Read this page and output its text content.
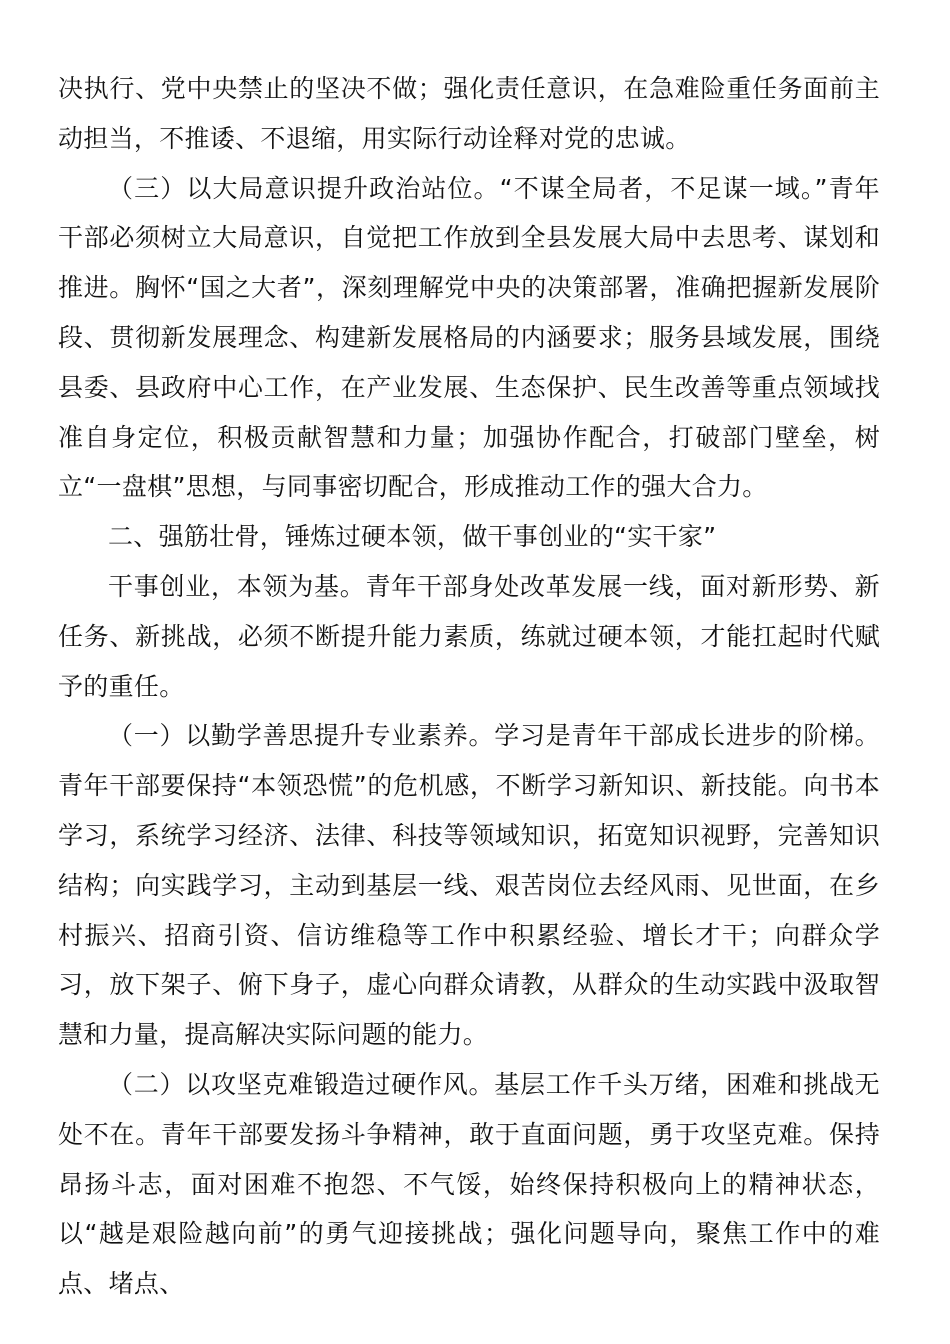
决执行、党中央禁止的坚决不做；强化责任意识，在急难险重任务面前主动担当，不推诿、不退缩，用实际行动诠释对党的忠诚。

（三）以大局意识提升政治站位。“不谋全局者，不足谋一域。”青年干部必须树立大局意识，自觉把工作放到全县发展大局中去思考、谋划和推进。胸怀“国之大者”，深刻理解党中央的决策部署，准确把握新发展阶段、贯彻新发展理念、构建新发展格局的内涵要求；服务县域发展，围绕县委、县政府中心工作，在产业发展、生态保护、民生改善等重点领域找准自身定位，积极贡献智慧和力量；加强协作配合，打破部门壁垒，树立“一盘棋”思想，与同事密切配合，形成推动工作的强大合力。

二、强筋壮骨，锤炼过硬本领，做干事创业的“实干家”

干事创业，本领为基。青年干部身处改革发展一线，面对新形势、新任务、新挑战，必须不断提升能力素质，练就过硬本领，才能扛起时代赋予的重任。

（一）以勤学善思提升专业素养。学习是青年干部成长进步的阶梯。青年干部要保持“本领恐慌”的危机感，不断学习新知识、新技能。向书本学习，系统学习经济、法律、科技等领域知识，拓宽知识视野，完善知识结构；向实践学习，主动到基层一线、艰苦岗位去经风雨、见世面，在乡村振兴、招商引资、信访维稳等工作中积累经验、增长才干；向群众学习，放下架子、俯下身子，虚心向群众请教，从群众的生动实践中汲取智慧和力量，提高解决实际问题的能力。

（二）以攻坚克难锻造过硬作风。基层工作千头万绪，困难和挑战无处不在。青年干部要发扬斗争精神，敢于直面问题，勇于攻坚克难。保持昂扬斗志，面对困难不抱怨、不气馁，始终保持积极向上的精神状态，以“越是艰险越向前”的勇气迎接挑战；强化问题导向，聚焦工作中的难点、堵点、
